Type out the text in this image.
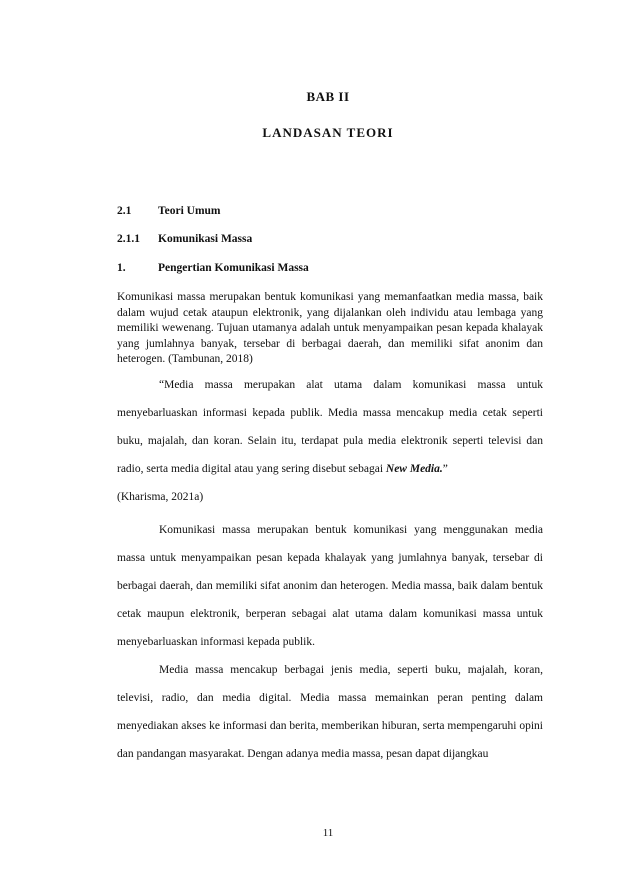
BAB II
LANDASAN TEORI
2.1 Teori Umum
2.1.1 Komunikasi Massa
1.	Pengertian Komunikasi Massa

Komunikasi massa merupakan bentuk komunikasi yang memanfaatkan media massa, baik dalam wujud cetak ataupun elektronik, yang dijalankan oleh individu atau lembaga yang memiliki wewenang. Tujuan utamanya adalah untuk menyampaikan pesan kepada khalayak yang jumlahnya banyak, tersebar di berbagai daerah, dan memiliki sifat anonim dan heterogen. (Tambunan, 2018)

“Media massa merupakan alat utama dalam komunikasi massa untuk menyebarluaskan informasi kepada publik. Media massa mencakup media cetak seperti buku, majalah, dan koran. Selain itu, terdapat pula media elektronik seperti televisi dan radio, serta media digital atau yang sering disebut sebagai New Media.”
(Kharisma, 2021a)

Komunikasi massa merupakan bentuk komunikasi yang menggunakan media massa untuk menyampaikan pesan kepada khalayak yang jumlahnya banyak, tersebar di berbagai daerah, dan memiliki sifat anonim dan heterogen. Media massa, baik dalam bentuk cetak maupun elektronik, berperan sebagai alat utama dalam komunikasi massa untuk menyebarluaskan informasi kepada publik.

Media massa mencakup berbagai jenis media, seperti buku, majalah, koran, televisi, radio, dan media digital. Media massa memainkan peran penting dalam menyediakan akses ke informasi dan berita, memberikan hiburan, serta mempengaruhi opini dan pandangan masyarakat. Dengan adanya media massa, pesan dapat dijangkau

11
